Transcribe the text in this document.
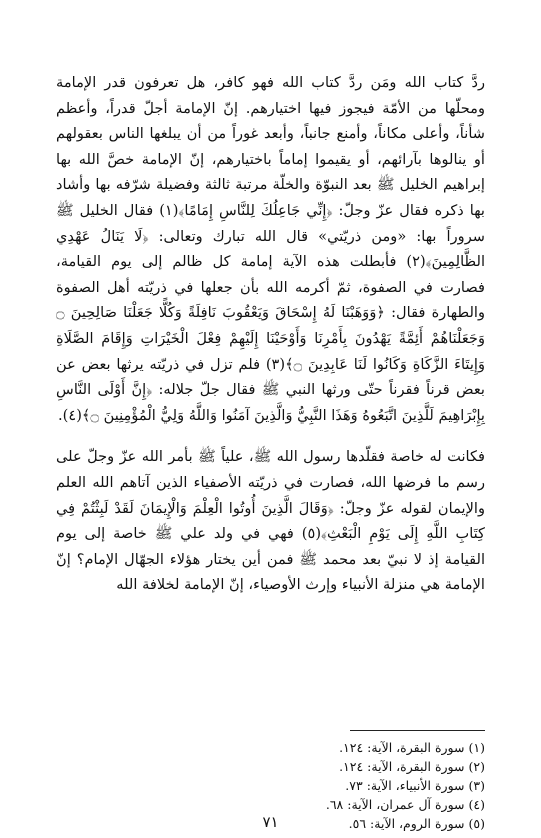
ردَّ كتاب الله ومَن ردَّ كتاب الله فهو كافر، هل تعرفون قدر الإمامة ومحلّها من الأمّة فيجوز فيها اختيارهم. إنّ الإمامة أجلّ قدراً، وأعظم شأناً، وأعلى مكاناً، وأمنع جانباً، وأبعد غوراً من أن يبلغها الناس بعقولهم أو ينالوها بآرائهم، أو يقيموا إماماً باختيارهم، إنّ الإمامة خصَّ الله بها إبراهيم الخليل ﷺ بعد النبوّة والخلّة مرتبة ثالثة وفضيلة شرّفه بها وأشاد بها ذكره فقال عزّ وجلّ: ﴿إِنِّي جَاعِلُكَ لِلنَّاسِ إِمَامًا﴾(١) فقال الخليل ﷺ سروراً بها: «ومن ذريّتي» قال الله تبارك وتعالى: ﴿لَا يَنَالُ عَهْدِي الظَّالِمِينَ﴾(٢) فأبطلت هذه الآية إمامة كل ظالم إلى يوم القيامة، فصارت في الصفوة، ثمّ أكرمه الله بأن جعلها في ذريّته أهل الصفوة والطهارة فقال: ﴿وَوَهَبْنَا لَهُ إِسْحَاقَ وَيَعْقُوبَ نَافِلَةً وَكُلًّا جَعَلْنَا صَالِحِينَ ۝ وَجَعَلْنَاهُمْ أَئِمَّةً يَهْدُونَ بِأَمْرِنَا وَأَوْحَيْنَا إِلَيْهِمْ فِعْلَ الْخَيْرَاتِ وَإِقَامَ الصَّلَاةِ وَإِيتَاءَ الزَّكَاةِ وَكَانُوا لَنَا عَابِدِينَ ۝﴾(٣) فلم تزل في ذريّته يرثها بعض عن بعض قرناً فقرناً حتّى ورثها النبي ﷺ فقال جلّ جلاله: ﴿إِنَّ أَوْلَى النَّاسِ بِإِبْرَاهِيمَ لَلَّذِينَ اتَّبَعُوهُ وَهَذَا النَّبِيُّ وَالَّذِينَ آمَنُوا وَاللَّهُ وَلِيُّ الْمُؤْمِنِينَ ۝﴾(٤).

فكانت له خاصة فقلّدها رسول الله ﷺ، علياً ﷺ بأمر الله عزّ وجلّ على رسم ما فرضها الله، فصارت في ذريّته الأصفياء الذين آتاهم الله العلم والإيمان لقوله عزّ وجلّ: ﴿وَقَالَ الَّذِينَ أُوتُوا الْعِلْمَ وَالْإِيمَانَ لَقَدْ لَبِثْتُمْ فِي كِتَابِ اللَّهِ إِلَى يَوْمِ الْبَعْثِ﴾(٥) فهي في ولد علي ﷺ خاصة إلى يوم القيامة إذ لا نبيّ بعد محمد ﷺ فمن أين يختار هؤلاء الجهّال الإمام؟ إنّ الإمامة هي منزلة الأنبياء وإرث الأوصياء، إنّ الإمامة لخلافة الله

(١)سورة البقرة، الآية: ١٢٤.
(٢)سورة البقرة، الآية: ١٢٤.
(٣)سورة الأنبياء، الآية: ٧٣.
(٤)سورة آل عمران، الآية: ٦٨.
(٥)سورة الروم، الآية: ٥٦.
٧١
